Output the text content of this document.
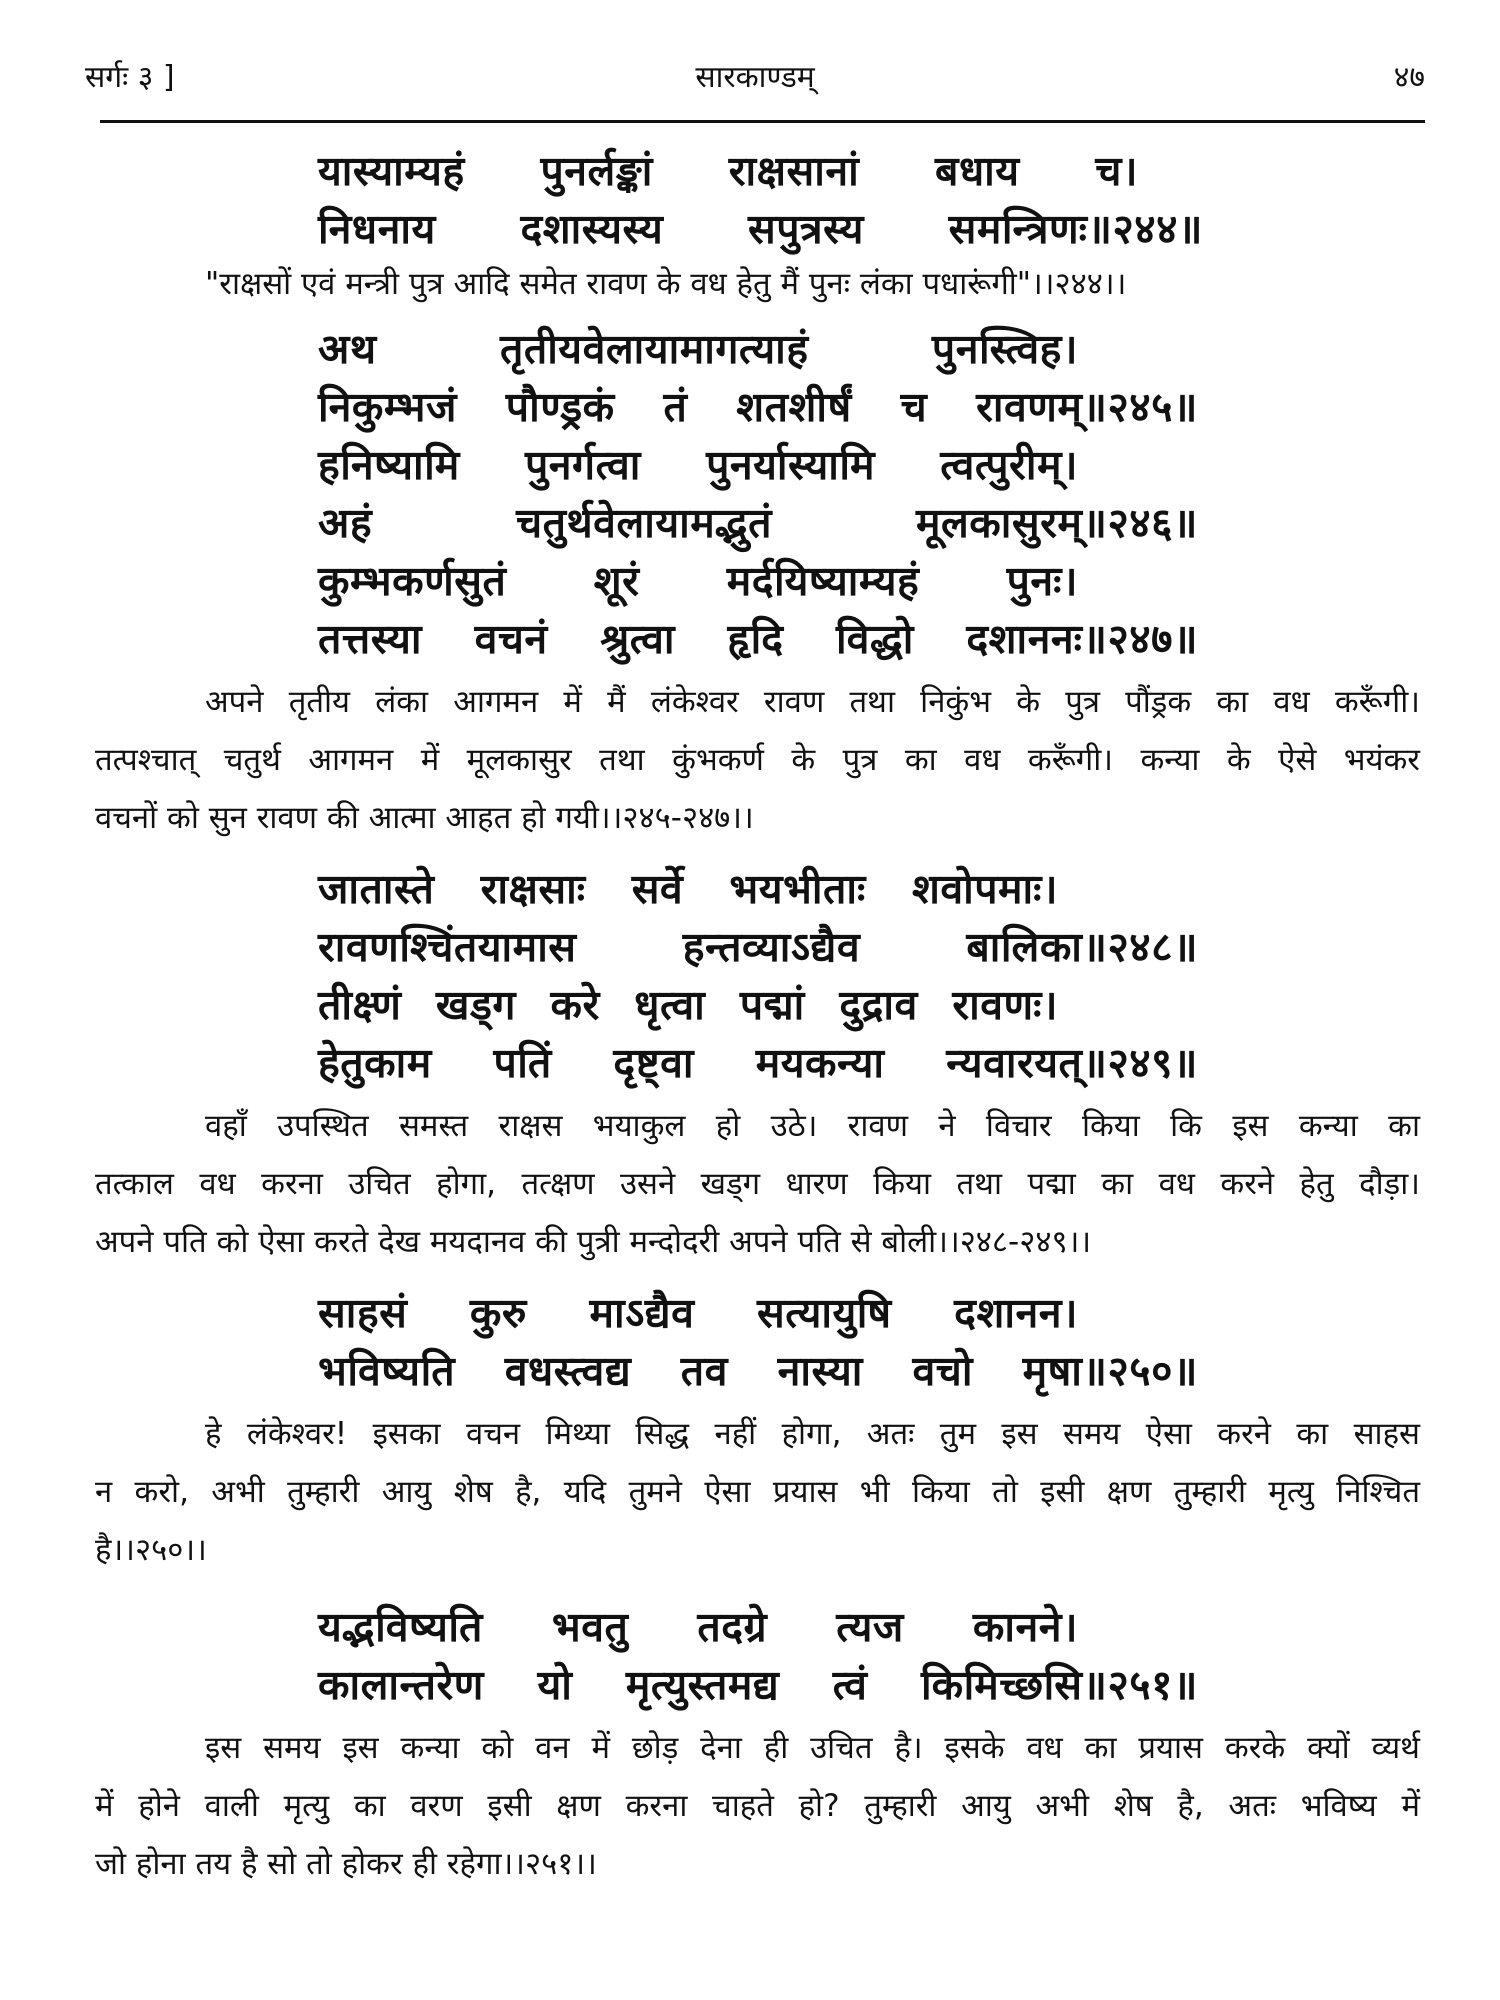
सर्गः ३ ]	सारकाण्डम्	४७
यास्याम्यहं पुनर्लङ्कां राक्षसानां बधाय च।
निधनाय दशास्यस्य सपुत्रस्य समन्त्रिणः॥२४४॥
"राक्षसों एवं मन्त्री पुत्र आदि समेत रावण के वध हेतु मैं पुनः लंका पधारूंगी"।।२४४।।
अथ तृतीयवेलायामागत्याहं पुनस्त्विह।
निकुम्भजं पौण्ड्रकं तं शतशीर्षं च रावणम्॥२४५॥
हनिष्यामि पुनर्गत्वा पुनर्यास्यामि त्वत्पुरीम्।
अहं चतुर्थवेलायामद्भुतं मूलकासुरम्॥२४६॥
कुम्भकर्णसुतं शूरं मर्दयिष्याम्यहं पुनः।
तत्तस्या वचनं श्रुत्वा हृदि विद्धो दशाननः॥२४७॥
अपने तृतीय लंका आगमन में मैं लंकेश्वर रावण तथा निकुंभ के पुत्र पौंड्रक का वध करूँगी।
तत्पश्चात् चतुर्थ आगमन में मूलकासुर तथा कुंभकर्ण के पुत्र का वध करूँगी। कन्या के ऐसे भयंकर
वचनों को सुन रावण की आत्मा आहत हो गयी।।२४५-२४७।।
जातास्ते राक्षसाः सर्वे भयभीताः शवोपमाः।
रावणश्चिंतयामास हन्तव्याऽद्यैव बालिका॥२४८॥
तीक्ष्णं खड्ग करे धृत्वा पद्मां दुद्राव रावणः।
हेतुकाम पतिं दृष्ट्वा मयकन्या न्यवारयत्॥२४९॥
वहाँ उपस्थित समस्त राक्षस भयाकुल हो उठे। रावण ने विचार किया कि इस कन्या का
तत्काल वध करना उचित होगा, तत्क्षण उसने खड्ग धारण किया तथा पद्मा का वध करने हेतु दौड़ा।
अपने पति को ऐसा करते देख मयदानव की पुत्री मन्दोदरी अपने पति से बोली।।२४८-२४९।।
साहसं कुरु माऽद्यैव सत्यायुषि दशानन।
भविष्यति वधस्त्वद्य तव नास्या वचो मृषा॥२५०॥
हे लंकेश्वर! इसका वचन मिथ्या सिद्ध नहीं होगा, अतः तुम इस समय ऐसा करने का साहस
न करो, अभी तुम्हारी आयु शेष है, यदि तुमने ऐसा प्रयास भी किया तो इसी क्षण तुम्हारी मृत्यु निश्चित
है।।२५०।।
यद्भविष्यति भवतु तदग्रे त्यज कानने।
कालान्तरेण यो मृत्युस्तमद्य त्वं किमिच्छसि॥२५१॥
इस समय इस कन्या को वन में छोड़ देना ही उचित है। इसके वध का प्रयास करके क्यों व्यर्थ
में होने वाली मृत्यु का वरण इसी क्षण करना चाहते हो? तुम्हारी आयु अभी शेष है, अतः भविष्य में
जो होना तय है सो तो होकर ही रहेगा।।२५१।।
